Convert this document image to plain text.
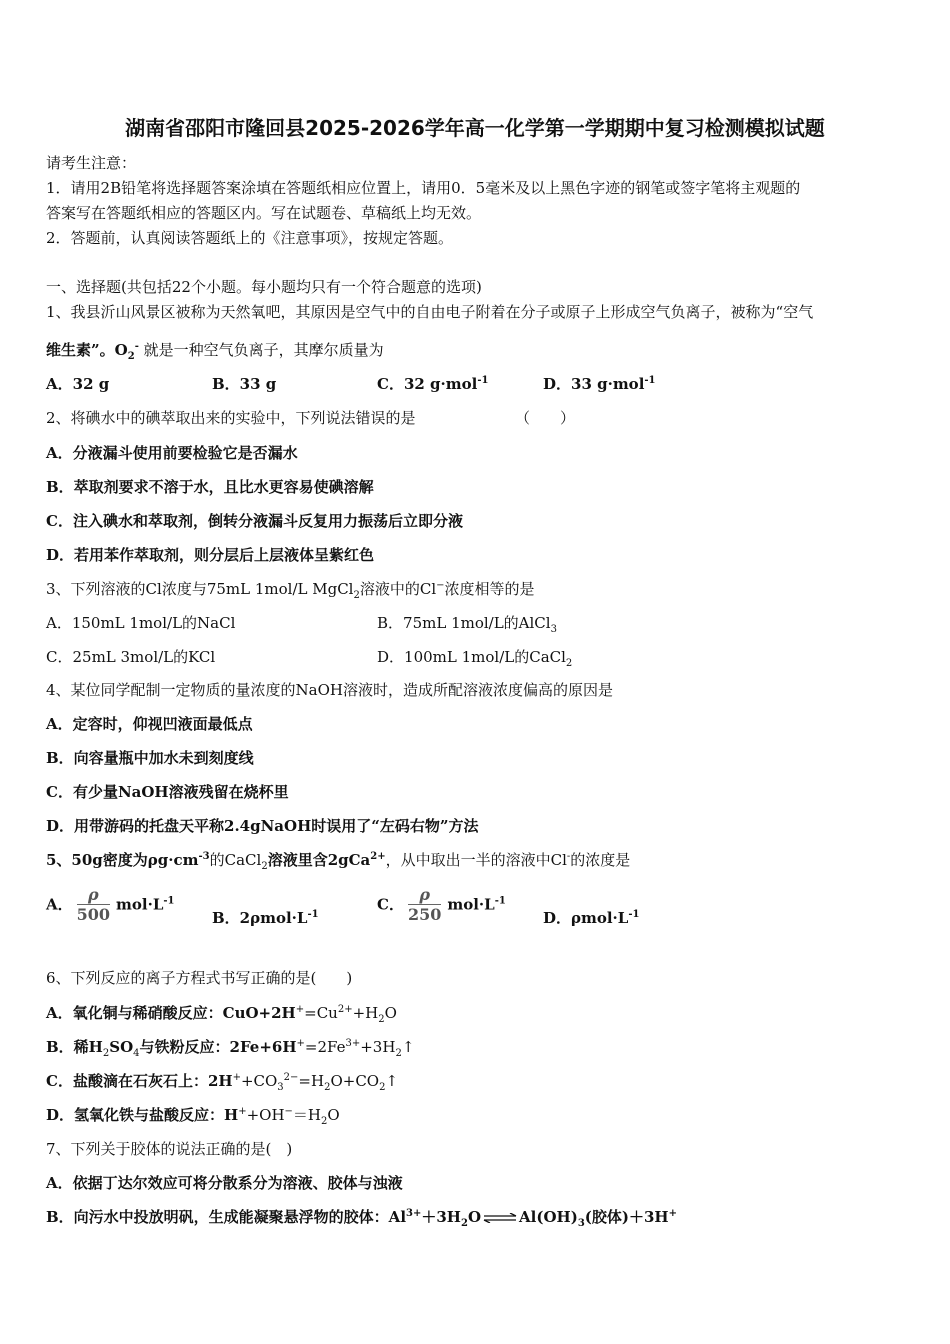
湖南省邵阳市隆回县2025-2026学年高一化学第一学期期中复习检测模拟试题
请考生注意：
1．请用2B铅笔将选择题答案涂填在答题纸相应位置上，请用0．5毫米及以上黑色字迹的钢笔或签字笔将主观题的
答案写在答题纸相应的答题区内。写在试题卷、草稿纸上均无效。
2．答题前，认真阅读答题纸上的《注意事项》，按规定答题。
一、选择题(共包括22个小题。每小题均只有一个符合题意的选项)
1、我县沂山风景区被称为天然氧吧，其原因是空气中的自由电子附着在分子或原子上形成空气负离子，被称为“空气
维生素”。$O_2^-$ 就是一种空气负离子，其摩尔质量为
A．32 g	B．33 g	C．32 g·mol$^{-1}$	D．33 g·mol$^{-1}$
2、将碘水中的碘萃取出来的实验中，下列说法错误的是	（　　）
A．分液漏斗使用前要检验它是否漏水
B．萃取剂要求不溶于水，且比水更容易使碘溶解
C．注入碘水和萃取剂，倒转分液漏斗反复用力振荡后立即分液
D．若用苯作萃取剂，则分层后上层液体呈紫红色
3、下列溶液的Cl浓度与75mL 1mol/L MgCl$_2$溶液中的Cl−浓度相等的是
A．150mL 1mol/L的NaCl	B．75mL 1mol/L的AlCl$_3$
C．25mL 3mol/L的KCl	D．100mL 1mol/L的CaCl$_2$
4、某位同学配制一定物质的量浓度的NaOH溶液时，造成所配溶液浓度偏高的原因是
A．定容时，仰视凹液面最低点
B．向容量瓶中加水未到刻度线
C．有少量NaOH溶液残留在烧杯里
D．用带游码的托盘天平称2.4gNaOH时误用了“左码右物”方法
5、50g密度为$\rho g\cdot cm^{-3}$的CaCl$_2$溶液里含2gCa$^{2+}$，从中取出一半的溶液中Cl-的浓度是
A． $\frac{\rho}{500} mol\cdot L^{-1}$
B．$2\rho mol\cdot L^{-1}$
C． $\frac{\rho}{250} mol\cdot L^{-1}$
D．$\rho mol\cdot L^{-1}$
6、下列反应的离子方程式书写正确的是(　　)
A．氧化铜与稀硝酸反应：$CuO+2H^+=Cu^{2+}+H_2O$
B．稀$H_2SO_4$与铁粉反应：$2Fe+6H^+=2Fe^{3+}+3H_2↑$
C．盐酸滴在石灰石上：$2H^++CO_3^{2-}=H_2O+CO_2↑$
D．氢氧化铁与盐酸反应：$H^++OH^-=H_2O$
7、下列关于胶体的说法正确的是(　)
A．依据丁达尔效应可将分散系分为溶液、胶体与浊液
B．向污水中投放明矾，生成能凝聚悬浮物的胶体：$Al^{3+}+3H_2O$ ⇌ $Al(OH)_3$(胶体)＋3H+
